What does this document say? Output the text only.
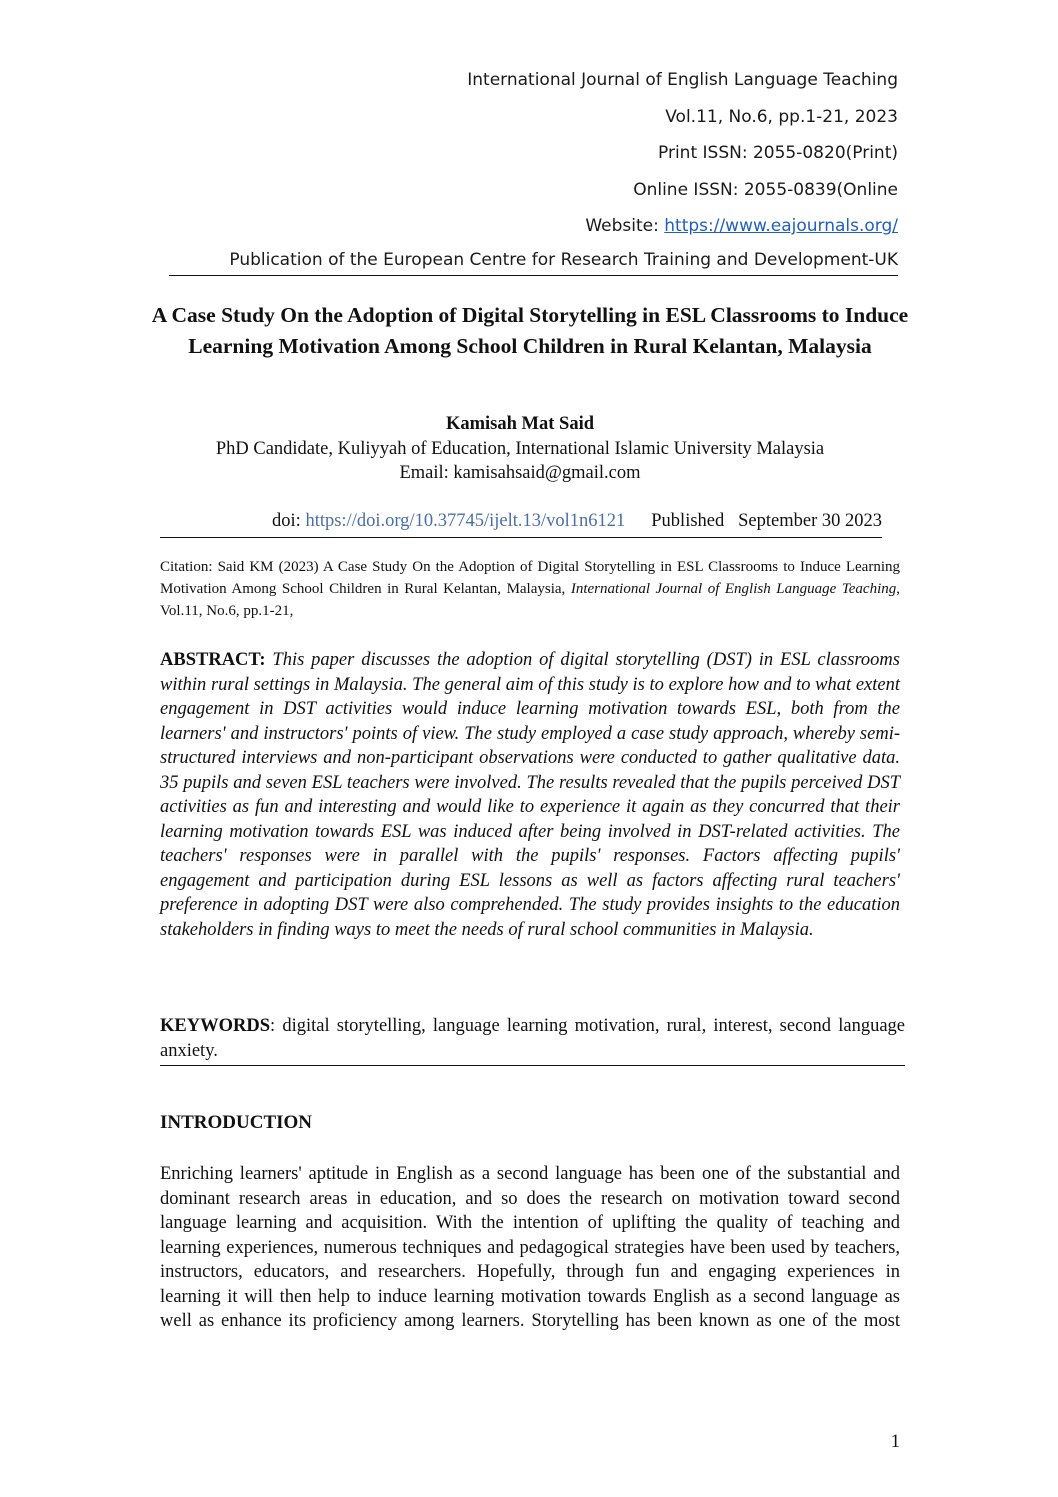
International Journal of English Language Teaching
Vol.11, No.6, pp.1-21, 2023
Print ISSN: 2055-0820(Print)
Online ISSN: 2055-0839(Online
Website: https://www.eajournals.org/
Publication of the European Centre for Research Training and Development-UK
A Case Study On the Adoption of Digital Storytelling in ESL Classrooms to Induce Learning Motivation Among School Children in Rural Kelantan, Malaysia
Kamisah Mat Said
PhD Candidate, Kuliyyah of Education, International Islamic University Malaysia
Email: kamisahsaid@gmail.com
doi: https://doi.org/10.37745/ijelt.13/vol1n6121 Published September 30 2023
Citation: Said KM (2023) A Case Study On the Adoption of Digital Storytelling in ESL Classrooms to Induce Learning Motivation Among School Children in Rural Kelantan, Malaysia, International Journal of English Language Teaching, Vol.11, No.6, pp.1-21,
ABSTRACT: This paper discusses the adoption of digital storytelling (DST) in ESL classrooms within rural settings in Malaysia. The general aim of this study is to explore how and to what extent engagement in DST activities would induce learning motivation towards ESL, both from the learners' and instructors' points of view. The study employed a case study approach, whereby semi-structured interviews and non-participant observations were conducted to gather qualitative data. 35 pupils and seven ESL teachers were involved. The results revealed that the pupils perceived DST activities as fun and interesting and would like to experience it again as they concurred that their learning motivation towards ESL was induced after being involved in DST-related activities. The teachers' responses were in parallel with the pupils' responses. Factors affecting pupils' engagement and participation during ESL lessons as well as factors affecting rural teachers' preference in adopting DST were also comprehended. The study provides insights to the education stakeholders in finding ways to meet the needs of rural school communities in Malaysia.
KEYWORDS: digital storytelling, language learning motivation, rural, interest, second language anxiety.
INTRODUCTION
Enriching learners' aptitude in English as a second language has been one of the substantial and dominant research areas in education, and so does the research on motivation toward second language learning and acquisition. With the intention of uplifting the quality of teaching and learning experiences, numerous techniques and pedagogical strategies have been used by teachers, instructors, educators, and researchers. Hopefully, through fun and engaging experiences in learning it will then help to induce learning motivation towards English as a second language as well as enhance its proficiency among learners. Storytelling has been known as one of the most
1
